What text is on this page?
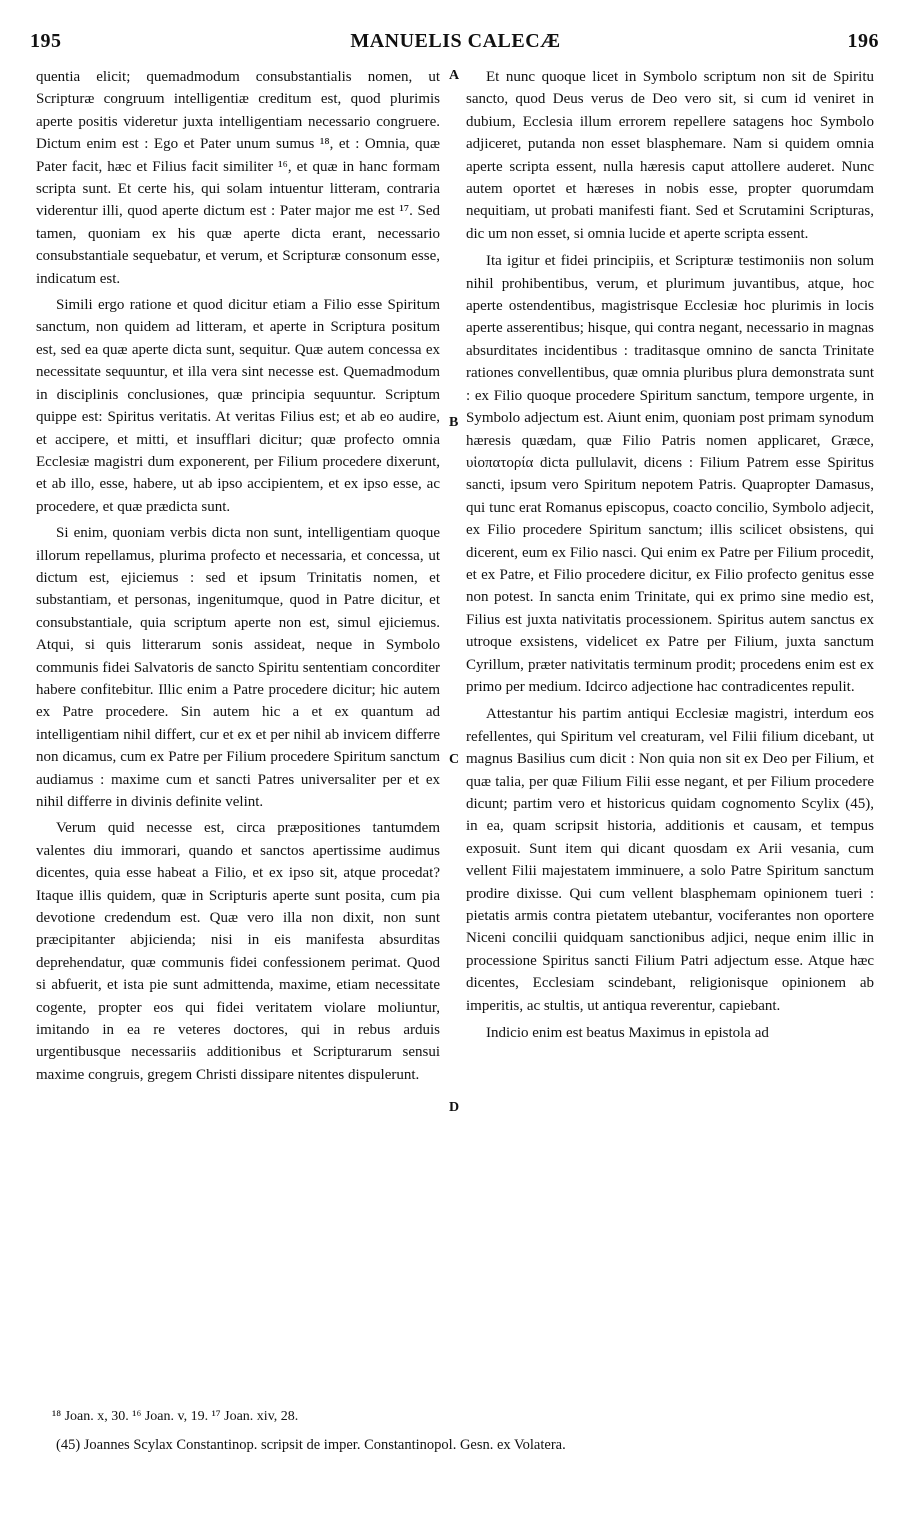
195	MANUELIS CALECÆ	196
A
B
C
D

quentia elicit; quemadmodum consubstantialis nomen, ut Scripturæ congruum intelligentiæ creditum est, quod plurimis aperte positis videretur juxta intelligentiam necessario congruere. Dictum enim est : Ego et Pater unum sumus ¹⁸, et : Omnia, quæ Pater facit, hæc et Filius facit similiter ¹⁶, et quæ in hanc formam scripta sunt. Et certe his, qui solam intuentur litteram, contraria viderentur illi, quod aperte dictum est : Pater major me est ¹⁷. Sed tamen, quoniam ex his quæ aperte dicta erant, necessario consubstantiale sequebatur, et verum, et Scripturæ consonum esse, indicatum est.

Simili ergo ratione et quod dicitur etiam a Filio esse Spiritum sanctum, non quidem ad litteram, et aperte in Scriptura positum est, sed ea quæ aperte dicta sunt, sequitur. Quæ autem concessa ex necessitate sequuntur, et illa vera sint necesse est. Quemadmodum in disciplinis conclusiones, quæ principia sequuntur. Scriptum quippe est: Spiritus veritatis. At veritas Filius est; et ab eo audire, et accipere, et mitti, et insufflari dicitur; quæ profecto omnia Ecclesiæ magistri dum exponerent, per Filium procedere dixerunt, et ab illo, esse, habere, ut ab ipso accipientem, et ex ipso esse, ac procedere, et quæ prædicta sunt.

Si enim, quoniam verbis dicta non sunt, intelligentiam quoque illorum repellamus, plurima profecto et necessaria, et concessa, ut dictum est, ejiciemus : sed et ipsum Trinitatis nomen, et substantiam, et personas, ingenitumque, quod in Patre dicitur, et consubstantiale, quia scriptum aperte non est, simul ejiciemus. Atqui, si quis litterarum sonis assideat, neque in Symbolo communis fidei Salvatoris de sancto Spiritu sententiam concorditer habere confitebitur. Illic enim a Patre procedere dicitur; hic autem ex Patre procedere. Sin autem hic a et ex quantum ad intelligentiam nihil differt, cur et ex et per nihil ab invicem differre non dicamus, cum ex Patre per Filium procedere Spiritum sanctum audiamus : maxime cum et sancti Patres universaliter per et ex nihil differre in divinis definite velint.

Verum quid necesse est, circa præpositiones tantumdem valentes diu immorari, quando et sanctos apertissime audimus dicentes, quia esse habeat a Filio, et ex ipso sit, atque procedat? Itaque illis quidem, quæ in Scripturis aperte sunt posita, cum pia devotione credendum est. Quæ vero illa non dixit, non sunt præcipitanter abjicienda; nisi in eis manifesta absurditas deprehendatur, quæ communis fidei confessionem perimat. Quod si abfuerit, et ista pie sunt admittenda, maxime, etiam necessitate cogente, propter eos qui fidei veritatem violare moliuntur, imitando in ea re veteres doctores, qui in rebus arduis urgentibusque necessariis additionibus et Scripturarum sensui maxime congruis, gregem Christi dissipare nitentes dispulerunt.

Et nunc quoque licet in Symbolo scriptum non sit de Spiritu sancto, quod Deus verus de Deo vero sit, si cum id veniret in dubium, Ecclesia illum errorem repellere satagens hoc Symbolo adjiceret, putanda non esset blasphemare. Nam si quidem omnia aperte scripta essent, nulla hæresis caput attollere auderet. Nunc autem oportet et hæreses in nobis esse, propter quorumdam nequitiam, ut probati manifesti fiant. Sed et Scrutamini Scripturas, dic um non esset, si omnia lucide et aperte scripta essent.

Ita igitur et fidei principiis, et Scripturæ testimoniis non solum nihil prohibentibus, verum, et plurimum juvantibus, atque, hoc aperte ostendentibus, magistrisque Ecclesiæ hoc plurimis in locis aperte asserentibus; hisque, qui contra negant, necessario in magnas absurditates incidentibus : traditasque omnino de sancta Trinitate rationes convellentibus, quæ omnia pluribus plura demonstrata sunt : ex Filio quoque procedere Spiritum sanctum, tempore urgente, in Symbolo adjectum est. Aiunt enim, quoniam post primam synodum hæresis quædam, quæ Filio Patris nomen applicaret, Græce, υἱοπατορία dicta pullulavit, dicens : Filium Patrem esse Spiritus sancti, ipsum vero Spiritum nepotem Patris. Quapropter Damasus, qui tunc erat Romanus episcopus, coacto concilio, Symbolo adjecit, ex Filio procedere Spiritum sanctum; illis scilicet obsistens, qui dicerent, eum ex Filio nasci. Qui enim ex Patre per Filium procedit, et ex Patre, et Filio procedere dicitur, ex Filio profecto genitus esse non potest. In sancta enim Trinitate, qui ex primo sine medio est, Filius est juxta nativitatis processionem. Spiritus autem sanctus ex utroque exsistens, videlicet ex Patre per Filium, juxta sanctum Cyrillum, præter nativitatis terminum prodit; procedens enim est ex primo per medium. Idcirco adjectione hac contradicentes repulit.

Attestantur his partim antiqui Ecclesiæ magistri, interdum eos refellentes, qui Spiritum vel creaturam, vel Filii filium dicebant, ut magnus Basilius cum dicit : Non quia non sit ex Deo per Filium, et quæ talia, per quæ Filium Filii esse negant, et per Filium procedere dicunt; partim vero et historicus quidam cognomento Scylix (45), in ea, quam scripsit historia, additionis et causam, et tempus exposuit. Sunt item qui dicant quosdam ex Arii vesania, cum vellent Filii majestatem imminuere, a solo Patre Spiritum sanctum prodire dixisse. Qui cum vellent blasphemam opinionem tueri : pietatis armis contra pietatem utebantur, vociferantes non oportere Niceni concilii quidquam sanctionibus adjici, neque enim illic in processione Spiritus sancti Filium Patri adjectum esse. Atque hæc dicentes, Ecclesiam scindebant, religionisque opinionem ab imperitis, ac stultis, ut antiqua reverentur, capiebant.

Indicio enim est beatus Maximus in epistola ad

¹⁸ Joan. x, 30. ¹⁶ Joan. v, 19. ¹⁷ Joan. xiv, 28.
(45) Joannes Scylax Constantinop. scripsit de imper. Constantinopol. Gesn. ex Volatera.
